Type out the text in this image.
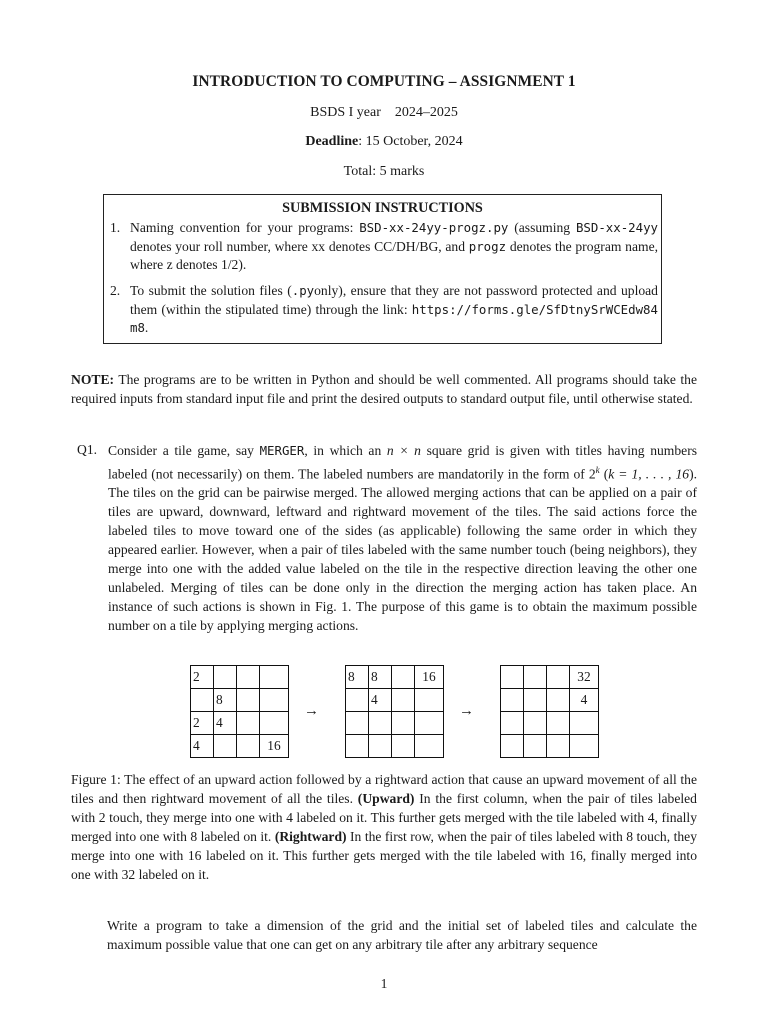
INTRODUCTION TO COMPUTING – ASSIGNMENT 1
BSDS I year 2024–2025
Deadline: 15 October, 2024
Total: 5 marks
SUBMISSION INSTRUCTIONS
1. Naming convention for your programs: BSD-xx-24yy-progz.py (assuming BSD-xx-24yy denotes your roll number, where xx denotes CC/DH/BG, and progz denotes the program name, where z denotes 1/2).
2. To submit the solution files (.pyonly), ensure that they are not password protected and upload them (within the stipulated time) through the link: https://forms.gle/SfDtnySrWCEdw84m8.
NOTE: The programs are to be written in Python and should be well commented. All programs should take the required inputs from standard input file and print the desired outputs to standard output file, until otherwise stated.
Q1. Consider a tile game, say MERGER, in which an n × n square grid is given with titles having numbers labeled (not necessarily) on them. The labeled numbers are mandatorily in the form of 2$^k$ (k = 1, . . . , 16). The tiles on the grid can be pairwise merged. The allowed merging actions that can be applied on a pair of tiles are upward, downward, leftward and rightward movement of the tiles. The said actions force the labeled tiles to move toward one of the sides (as applicable) following the same order in which they appeared earlier. However, when a pair of tiles labeled with the same number touch (being neighbors), they merge into one with the added value labeled on the tile in the respective direction leaving the other one unlabeled. Merging of tiles can be done only in the direction the merging action has taken place. An instance of such actions is shown in Fig. 1. The purpose of this game is to obtain the maximum possible number on a tile by applying merging actions.
2			
	8		
2	4		
4			16
→
8	8		16
	4		

→
			32
			4

Figure 1: The effect of an upward action followed by a rightward action that cause an upward movement of all the tiles and then rightward movement of all the tiles. (Upward) In the first column, when the pair of tiles labeled with 2 touch, they merge into one with 4 labeled on it. This further gets merged with the tile labeled with 4, finally merged into one with 8 labeled on it. (Rightward) In the first row, when the pair of tiles labeled with 8 touch, they merge into one with 16 labeled on it. This further gets merged with the tile labeled with 16, finally merged into one with 32 labeled on it.
Write a program to take a dimension of the grid and the initial set of labeled tiles and calculate the maximum possible value that one can get on any arbitrary tile after any arbitrary sequence
1
